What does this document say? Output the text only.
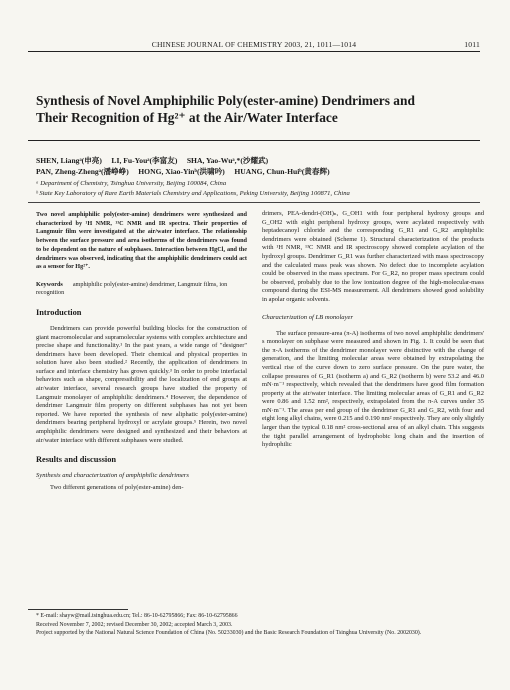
CHINESE JOURNAL OF CHEMISTRY 2003, 21, 1011—1014	1011
Synthesis of Novel Amphiphilic Poly(ester-amine) Dendrimers and
Their Recognition of Hg²⁺ at the Air/Water Interface
SHEN, Liangᵃ(申亮)     LI, Fu-Youᵃ(李富友)     SHA, Yao-Wuᵃ,*(沙耀武)
PAN, Zheng-Zhengᵃ(潘峥峥)     HONG, Xiao-Yinᵇ(洪啸吟)     HUANG, Chun-Huiᵇ(黄春辉)
ᵃ Department of Chemistry, Tsinghua University, Beijing 100084, China
ᵇ State Key Laboratory of Rare Earth Materials Chemistry and Applications, Peking University, Beijing 100871, China
Two novel amphiphilic poly(ester-amine) dendrimers were synthesized and characterized by ¹H NMR, ¹³C NMR and IR spectra. Their properties of Langmuir film were investigated at the air/water interface. The relationship between the surface pressure and area isotherms of the dendrimers was found to be dependent on the nature of subphases. Interaction between HgCl₂ and the dendrimers was observed, indicating that the amphiphilic dendrimers could act as a sensor for Hg²⁺.
Keywords amphiphilic poly(ester-amine) dendrimer, Langmuir films, ion recognition
Introduction

Dendrimers can provide powerful building blocks for the construction of giant macromolecular and supramolecular systems with complex architecture and precise shape and functionality.¹ In the past years, a wide range of "designer" dendrimers have been developed. Their chemical and physical properties in solution have also been studied.² Recently, the application of dendrimers in surface and interface chemistry has grown quickly.³ In order to probe interfacial behaviors such as shape, compressibility and the localization of end groups at air/water interface, several research groups have studied the property of Langmuir monolayer of amphiphilic dendrimers.⁴ However, the dependence of dendrimer Langmuir film property on different subphases has not yet been reported. We have reported the synthesis of new aliphatic poly(ester-amine) dendrimers bearing peripheral hydroxyl or acrylate groups.⁵ Herein, two novel amphiphilic dendrimers were designed and synthesized and their behaviors at air/water interface with different subphases were studied.

Results and discussion
Synthesis and characterization of amphiphilic dendrimers

Two different generations of poly(ester-amine) den-

drimers, PEA-dendri-(OH)ₙ, G_OH1 with four peripheral hydroxy groups and G_OH2 with eight peripheral hydroxy groups, were acylated respectively with heptadecanoyl chloride and the corresponding G_R1 and G_R2 amphiphilic dendrimers were obtained (Scheme 1). Structural characterization of the products with ¹H NMR, ¹³C NMR and IR spectroscopy showed complete acylation of the hydroxyl groups. Dendrimer G_R1 was further characterized with mass spectroscopy and the calculated mass peak was shown. No defect due to incomplete acylation could be observed in the mass spectrum. For G_R2, no proper mass spectrum could be observed, probably due to the low ionization degree of the high-molecular-mass compound during the ESI-MS measurement. All dendrimers showed good solubility in apolar organic solvents.

Characterization of LB monolayer

The surface pressure-area (π-A) isotherms of two novel amphiphilic dendrimers' s monolayer on subphase were measured and shown in Fig. 1. It could be seen that the π-A isotherms of the dendrimer monolayer were distinctive with the change of generation, and the limiting molecular areas were obtained by extrapolating the vertical rise of the curve down to zero surface pressure. On the pure water, the collapse pressures of G_R1 (isotherm a) and G_R2 (isotherm b) were 53.2 and 46.0 mN·m⁻¹ respectively, which revealed that the dendrimers have good film formation property at the air/water interface. The limiting molecular areas of G_R1 and G_R2 were 0.86 and 1.52 nm², respectively, extrapolated from the π-A curves under 35 mN·m⁻¹. The areas per end group of the dendrimer G_R1 and G_R2, with four and eight long alkyl chains, were 0.215 and 0.190 nm² respectively. They are only slightly larger than the typical 0.18 nm² cross-sectional area of an alkyl chain. This suggests the tight parallel arrangement of hydrophobic long chain and the insertion of hydrophilic

* E-mail: shayw@mail.tsinghua.edu.cn; Tel.: 86-10-62795866; Fax: 86-10-62795866
Received November 7, 2002; revised December 30, 2002; accepted March 3, 2003.
Project supported by the National Natural Science Foundation of China (No. 50233030) and the Basic Research Foundation of Tsinghua University (No. 2002030).
